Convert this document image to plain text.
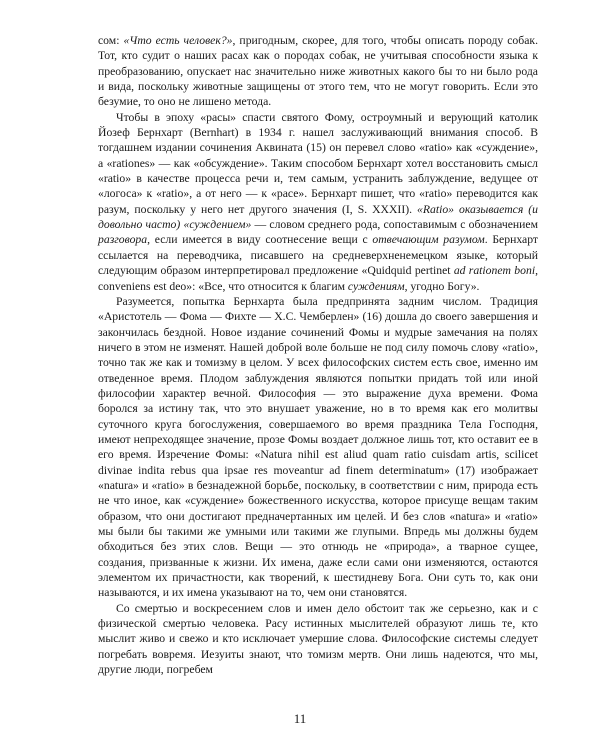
сом: «Что есть человек?», пригодным, скорее, для того, чтобы описать породу собак. Тот, кто судит о наших расах как о породах собак, не учитывая способности языка к преобразованию, опускает нас значительно ниже животных какого бы то ни было рода и вида, поскольку животные защищены от этого тем, что не могут говорить. Если это безумие, то оно не лишено метода.

Чтобы в эпоху «расы» спасти святого Фому, остроумный и верующий католик Йозеф Бернхарт (Bernhart) в 1934 г. нашел заслуживающий внимания способ. В тогдашнем издании сочинения Аквината (15) он перевел слово «ratio» как «суждение», а «rationes» — как «обсуждение». Таким способом Бернхарт хотел восстановить смысл «ratio» в качестве процесса речи и, тем самым, устранить заблуждение, ведущее от «логоса» к «ratio», а от него — к «расе». Бернхарт пишет, что «ratio» переводится как разум, поскольку у него нет другого значения (I, S. XXXII). «Ratio» оказывается (и довольно часто) «суждением» — словом среднего рода, сопоставимым с обозначением разговора, если имеется в виду соотнесение вещи с отвечающим разумом. Бернхарт ссылается на переводчика, писавшего на средневерхненемецком языке, который следующим образом интерпретировал предложение «Quidquid pertinet ad rationem boni, conveniens est deo»: «Все, что относится к благим суждениям, угодно Богу».

Разумеется, попытка Бернхарта была предпринята задним числом. Традиция «Аристотель — Фома — Фихте — Х.С. Чемберлен» (16) дошла до своего завершения и закончилась бездной. Новое издание сочинений Фомы и мудрые замечания на полях ничего в этом не изменят. Нашей доброй воле больше не под силу помочь слову «ratio», точно так же как и томизму в целом. У всех философских систем есть свое, именно им отведенное время. Плодом заблуждения являются попытки придать той или иной философии характер вечной. Философия — это выражение духа времени. Фома боролся за истину так, что это внушает уважение, но в то время как его молитвы суточного круга богослужения, совершаемого во время праздника Тела Господня, имеют непреходящее значение, прозе Фомы воздает должное лишь тот, кто оставит ее в его время. Изречение Фомы: «Natura nihil est aliud quam ratio cuisdam artis, scilicet divinae indita rebus qua ipsae res moveantur ad finem determinatum» (17) изображает «natura» и «ratio» в безнадежной борьбе, поскольку, в соответствии с ним, природа есть не что иное, как «суждение» божественного искусства, которое присуще вещам таким образом, что они достигают предначертанных им целей. И без слов «natura» и «ratio» мы были бы такими же умными или такими же глупыми. Впредь мы должны будем обходиться без этих слов. Вещи — это отнюдь не «природа», а тварное сущее, создания, призванные к жизни. Их имена, даже если сами они изменяются, остаются элементом их причастности, как творений, к шестидневу Бога. Они суть то, как они называются, и их имена указывают на то, чем они становятся.

Со смертью и воскресением слов и имен дело обстоит так же серьезно, как и с физической смертью человека. Расу истинных мыслителей образуют лишь те, кто мыслит живо и свежо и кто исключает умершие слова. Философские системы следует погребать вовремя. Иезуиты знают, что томизм мертв. Они лишь надеются, что мы, другие люди, погребем

11
